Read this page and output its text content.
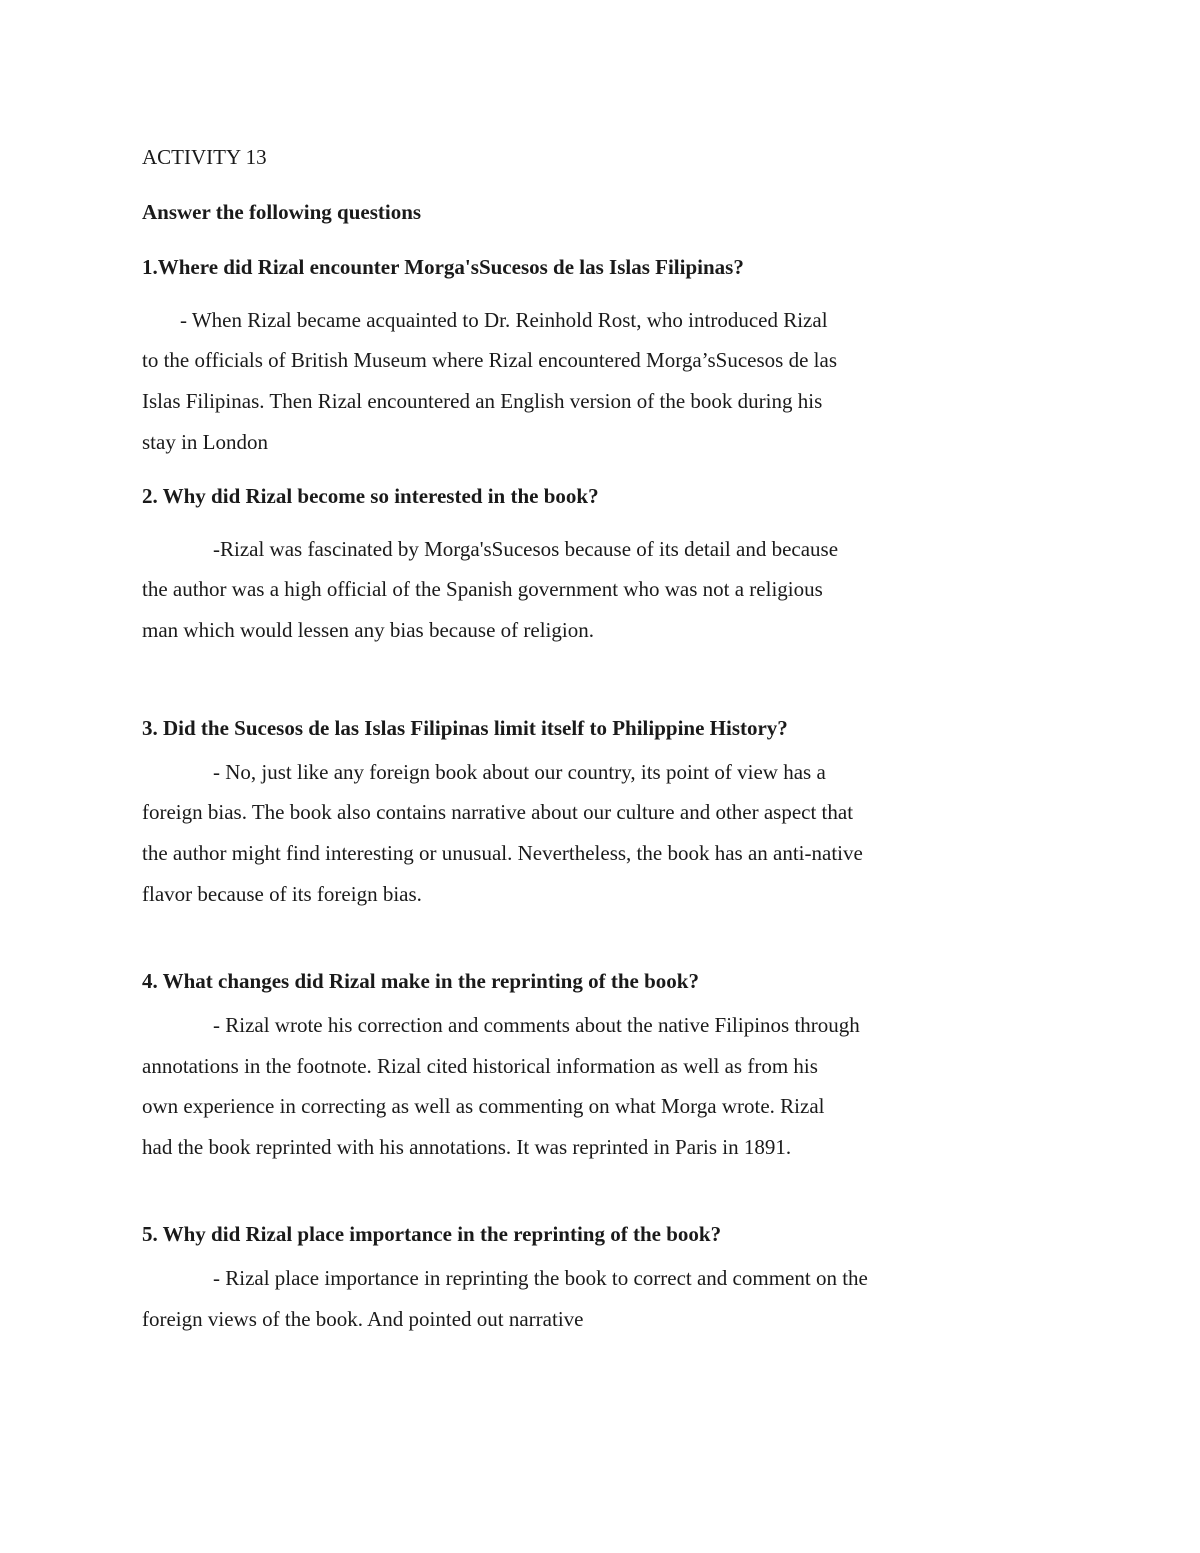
ACTIVITY 13
Answer the following questions
1.Where did Rizal encounter Morga'sSucesos de las Islas Filipinas?
- When Rizal became acquainted to Dr. Reinhold Rost, who introduced Rizal
to the officials of British Museum where Rizal encountered Morga’sSucesos de las
Islas Filipinas. Then Rizal encountered an English version of the book during his
stay in London
2. Why did Rizal become so interested in the book?
-Rizal was fascinated by Morga'sSucesos because of its detail and because
the author was a high official of the Spanish government who was not a religious
man which would lessen any bias because of religion.
3. Did the Sucesos de las Islas Filipinas limit itself to Philippine History?
- No, just like any foreign book about our country, its point of view has a
foreign bias. The book also contains narrative about our culture and other aspect that
the author might find interesting or unusual. Nevertheless, the book has an anti-native
flavor because of its foreign bias.
4. What changes did Rizal make in the reprinting of the book?
- Rizal wrote his correction and comments about the native Filipinos through
annotations in the footnote. Rizal cited historical information as well as from his
own experience in correcting as well as commenting on what Morga wrote. Rizal
had the book reprinted with his annotations. It was reprinted in Paris in 1891.
5. Why did Rizal place importance in the reprinting of the book?
- Rizal place importance in reprinting the book to correct and comment on the
foreign views of the book. And pointed out narrative
